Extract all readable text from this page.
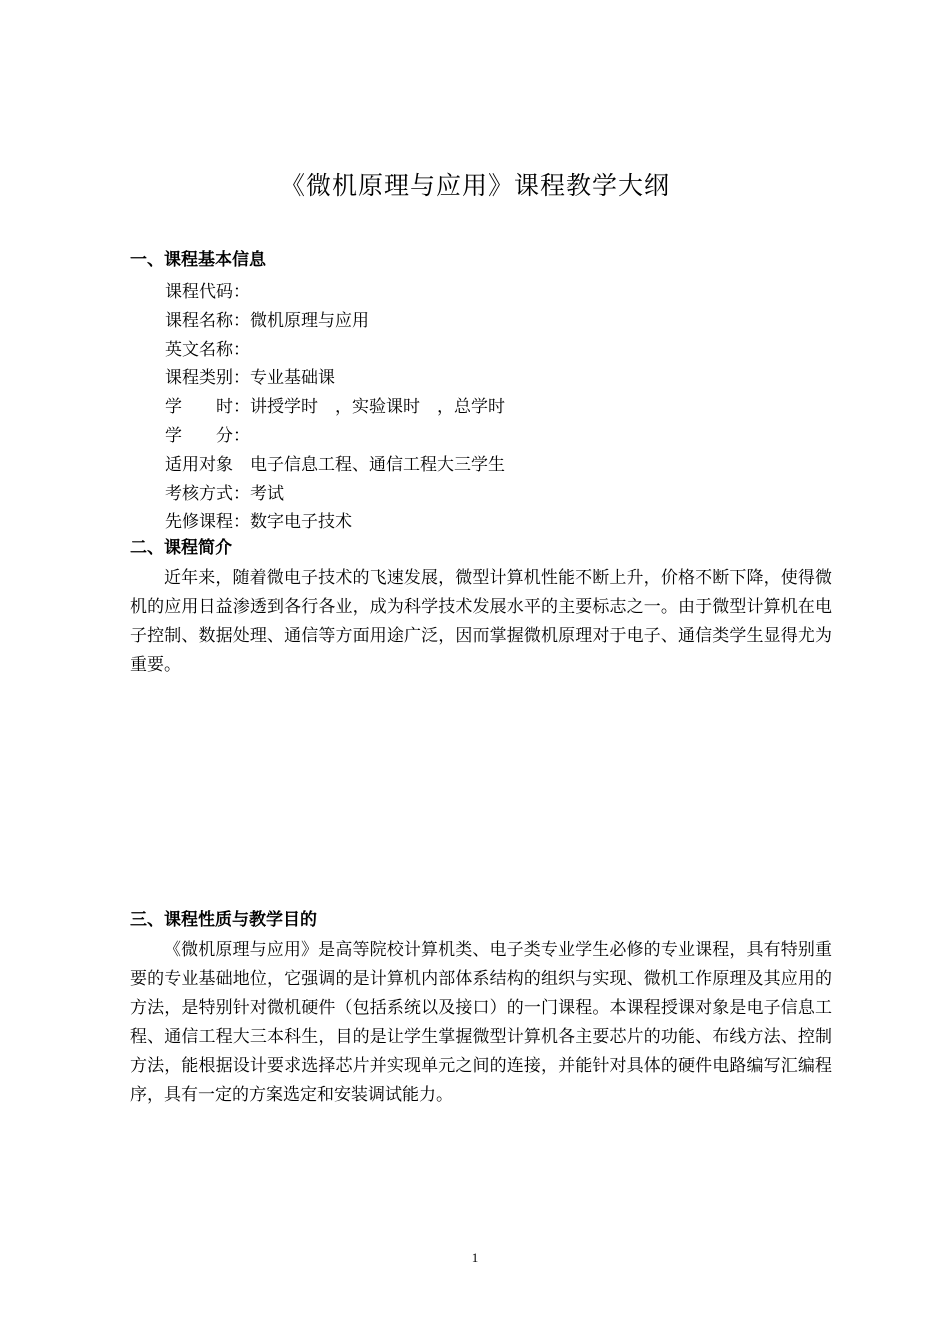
《微机原理与应用》课程教学大纲
一、课程基本信息
课程代码：
课程名称：微机原理与应用
英文名称：
课程类别：专业基础课
学　　时：讲授学时　，实验课时　，总学时
学　　分：
适用对象　电子信息工程、通信工程大三学生
考核方式：考试
先修课程：数字电子技术
二、课程简介

近年来，随着微电子技术的飞速发展，微型计算机性能不断上升，价格不断下降，使得微机的应用日益渗透到各行各业，成为科学技术发展水平的主要标志之一。由于微型计算机在电子控制、数据处理、通信等方面用途广泛，因而掌握微机原理对于电子、通信类学生显得尤为重要。

三、课程性质与教学目的

《微机原理与应用》是高等院校计算机类、电子类专业学生必修的专业课程，具有特别重要的专业基础地位，它强调的是计算机内部体系结构的组织与实现、微机工作原理及其应用的方法，是特别针对微机硬件（包括系统以及接口）的一门课程。本课程授课对象是电子信息工程、通信工程大三本科生，目的是让学生掌握微型计算机各主要芯片的功能、布线方法、控制方法，能根据设计要求选择芯片并实现单元之间的连接，并能针对具体的硬件电路编写汇编程序，具有一定的方案选定和安装调试能力。

1
